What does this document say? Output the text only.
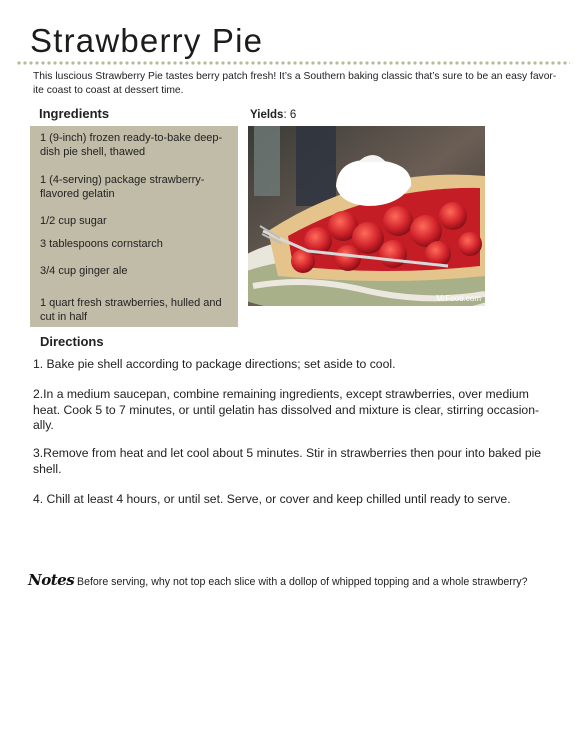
Strawberry Pie
This luscious Strawberry Pie tastes berry patch fresh! It’s a Southern baking classic that’s sure to be an easy favor-ite coast to coast at dessert time.
Ingredients
1 (9-inch) frozen ready-to-bake deep-dish pie shell, thawed
1 (4-serving) package strawberry-flavored gelatin
1/2 cup sugar
3 tablespoons cornstarch
3/4 cup ginger ale
1 quart fresh strawberries, hulled and cut in half
Yields: 6
MrFood.com
Directions
1. Bake pie shell according to package directions; set aside to cool.
2.In a medium saucepan, combine remaining ingredients, except strawberries, over medium heat. Cook 5 to 7 minutes, or until gelatin has dissolved and mixture is clear, stirring occasion-ally.
3.Remove from heat and let cool about 5 minutes. Stir in strawberries then pour into baked pie shell.
4. Chill at least 4 hours, or until set. Serve, or cover and keep chilled until ready to serve.
Notes Before serving, why not top each slice with a dollop of whipped topping and a whole strawberry?
